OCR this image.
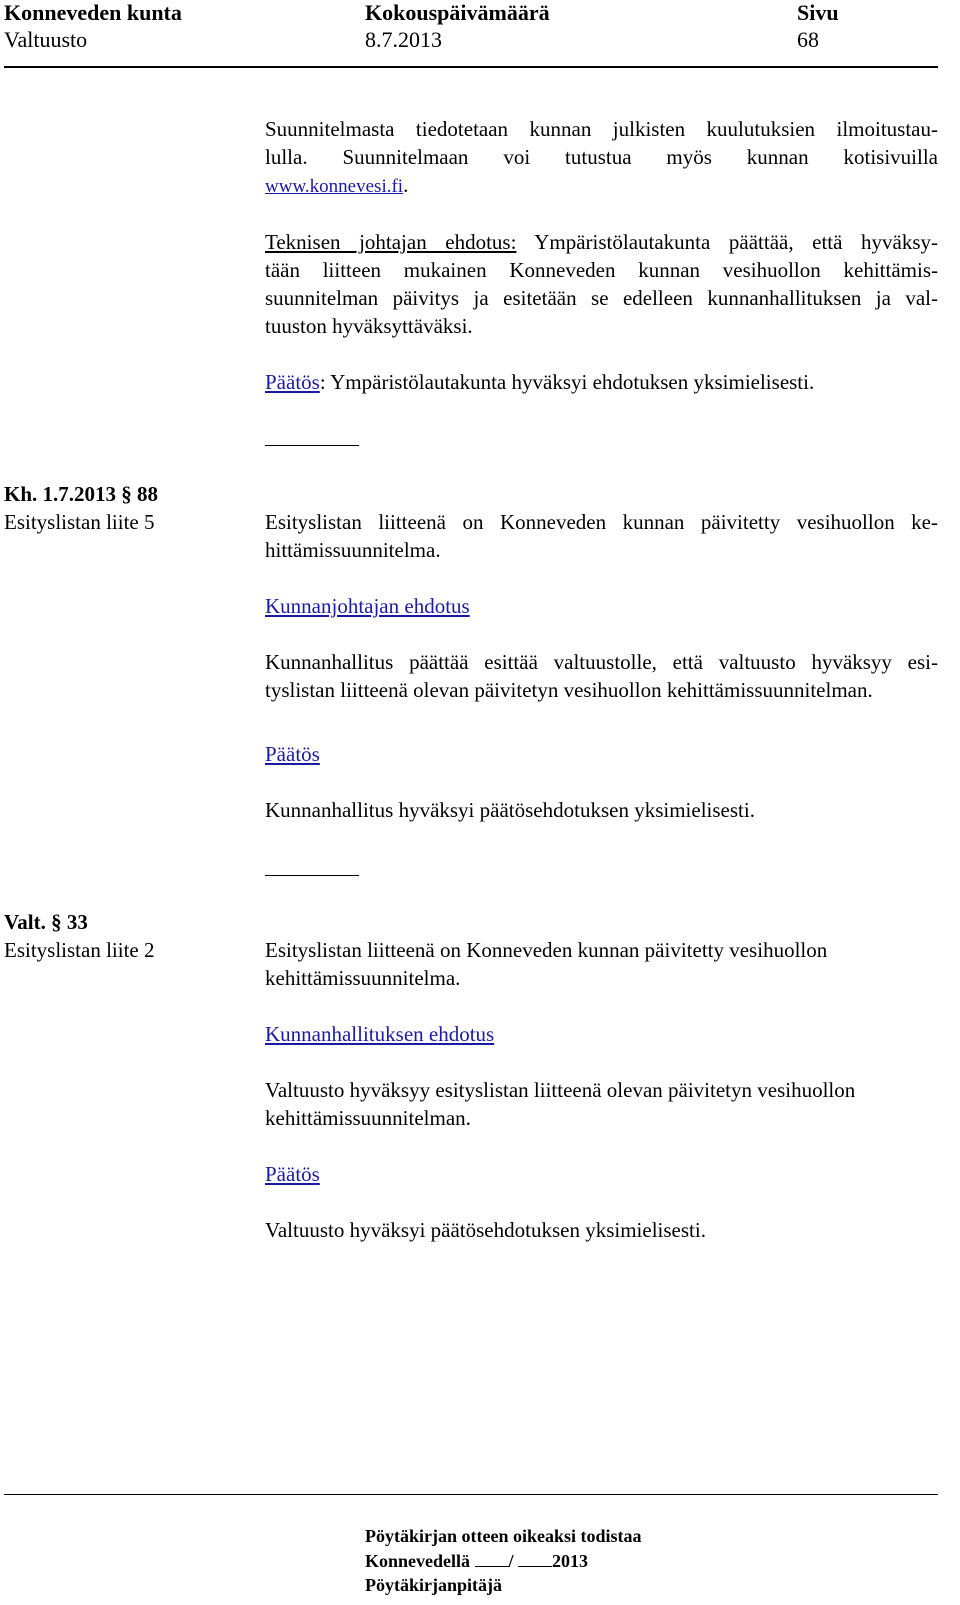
Konneveden kunta
Valtuusto
Kokouspäivämäärä
8.7.2013
Sivu
68
Suunnitelmasta tiedotetaan kunnan julkisten kuulutuksien ilmoitustau-
lulla. Suunnitelmaan voi tutustua myös kunnan kotisivuilla
www.konnevesi.fi.
Teknisen johtajan ehdotus: Ympäristölautakunta päättää, että hyväksy-
tään liitteen mukainen Konneveden kunnan vesihuollon kehittämis-
suunnitelman päivitys ja esitetään se edelleen kunnanhallituksen ja val-
tuuston hyväksyttäväksi.
Päätös: Ympäristölautakunta hyväksyi ehdotuksen yksimielisesti.
Kh. 1.7.2013 § 88
Esityslistan liite 5	Esityslistan liitteenä on Konneveden kunnan päivitetty vesihuollon ke-
hittämissuunnitelma.
Kunnanjohtajan ehdotus
Kunnanhallitus päättää esittää valtuustolle, että valtuusto hyväksyy esi-
tyslistan liitteenä olevan päivitetyn vesihuollon kehittämissuunnitelman.
Päätös
Kunnanhallitus hyväksyi päätösehdotuksen yksimielisesti.
Valt. § 33
Esityslistan liite 2	Esityslistan liitteenä on Konneveden kunnan päivitetty vesihuollon
kehittämissuunnitelma.
Kunnanhallituksen ehdotus
Valtuusto hyväksyy esityslistan liitteenä olevan päivitetyn vesihuollon
kehittämissuunnitelman.
Päätös
Valtuusto hyväksyi päätösehdotuksen yksimielisesti.
Pöytäkirjan otteen oikeaksi todistaa
Konnevedellä / 2013
Pöytäkirjanpitäjä
